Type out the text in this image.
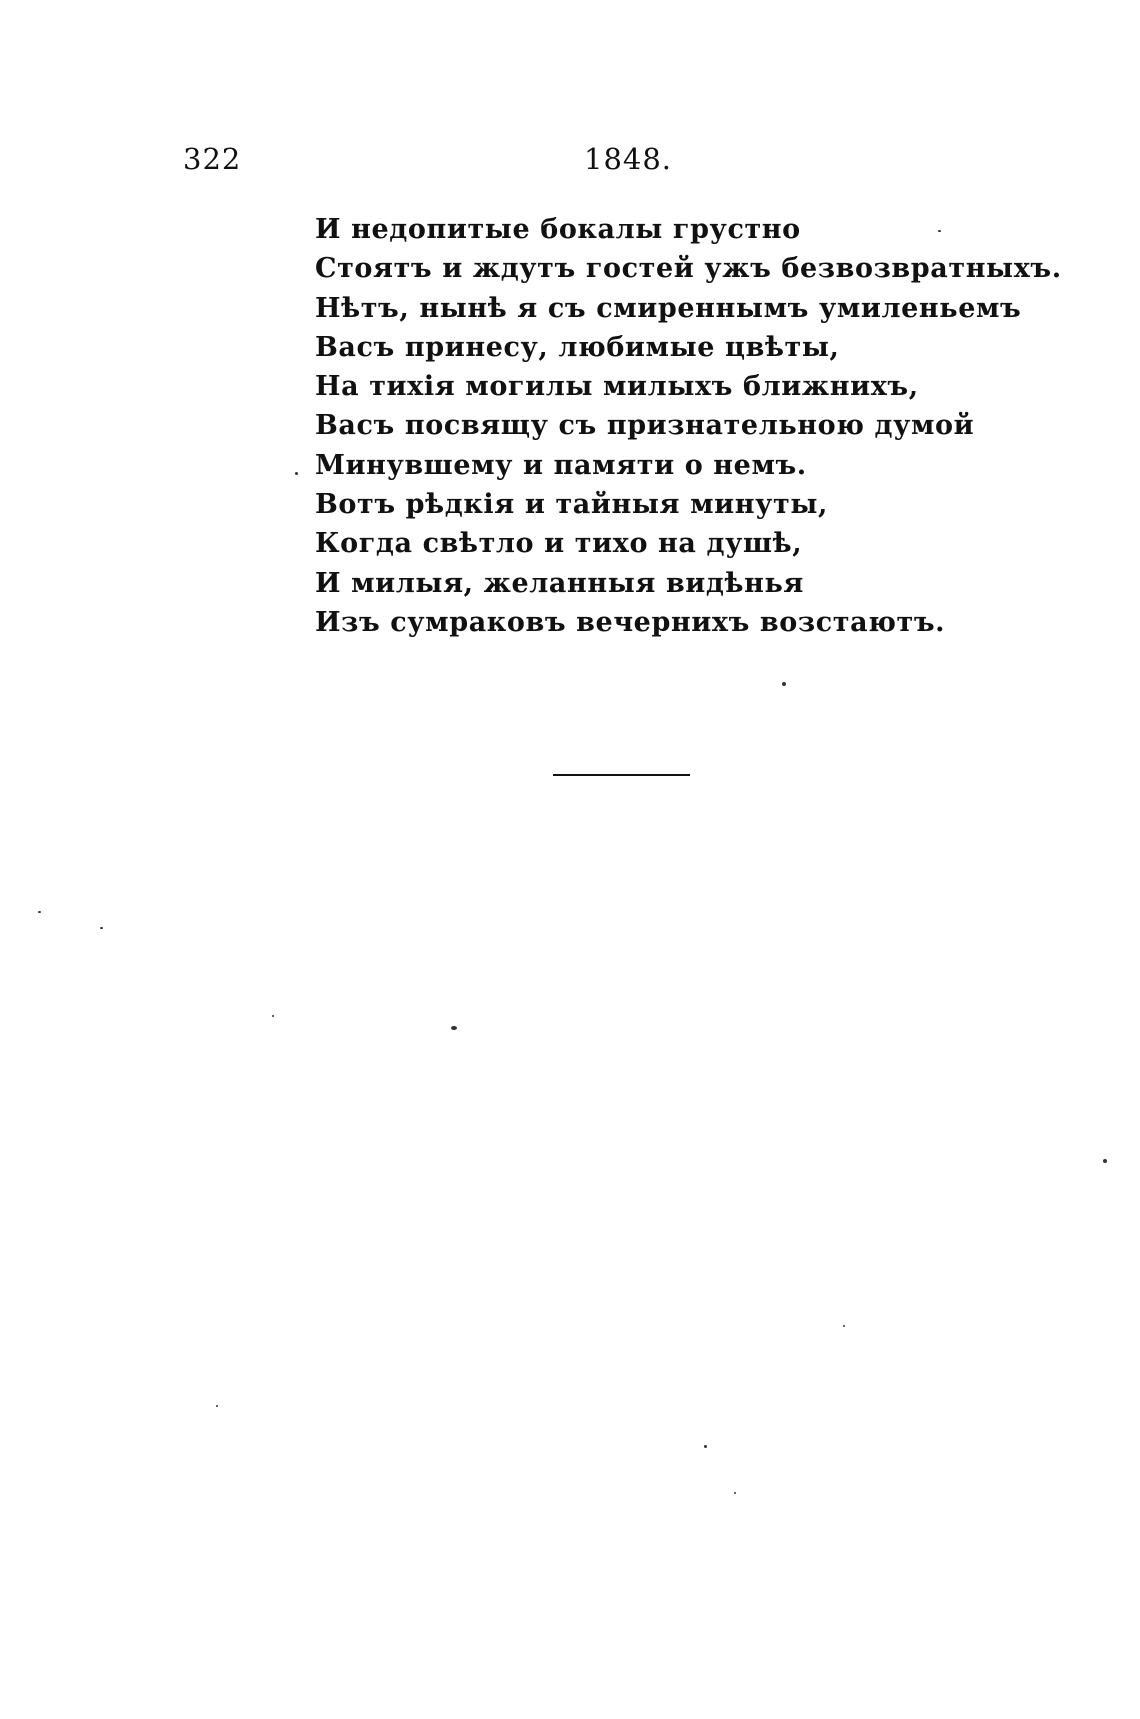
322	1848.
И недопитые бокалы грустно
Стоятъ и ждутъ гостей ужъ безвозвратныхъ.
Нѣтъ, нынѣ я съ смиреннымъ умиленьемъ
Васъ принесу, любимые цвѣты,
На тихія могилы милыхъ ближнихъ,
Васъ посвящу съ признательною думой
Минувшему и памяти о немъ.
Вотъ рѣдкія и тайныя минуты,
Когда свѣтло и тихо на душѣ,
И милыя, желанныя видѣнья
Изъ сумраковъ вечернихъ возстаютъ.
